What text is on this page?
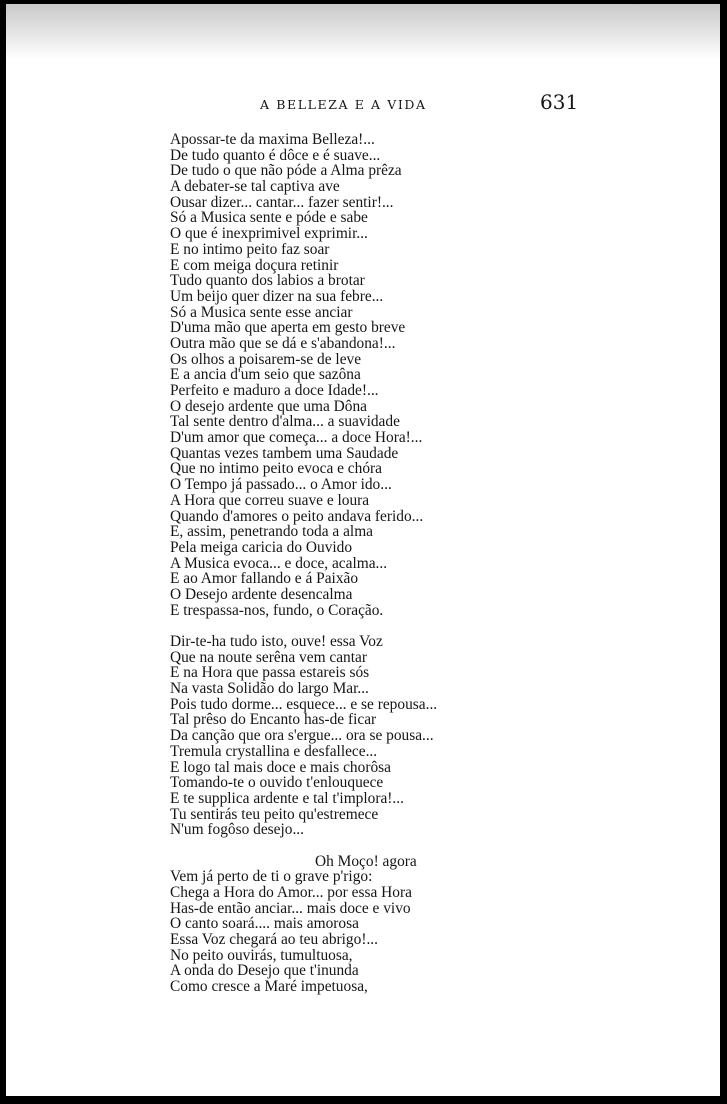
A BELLEZA E A VIDA	631
Apossar-te da maxima Belleza!...
De tudo quanto é dôce e é suave...
De tudo o que não póde a Alma prêza
A debater-se tal captiva ave
Ousar dizer... cantar... fazer sentir!...
Só a Musica sente e póde e sabe
O que é inexprimivel exprimir...
E no intimo peito faz soar
E com meiga doçura retinir
Tudo quanto dos labios a brotar
Um beijo quer dizer na sua febre...
Só a Musica sente esse anciar
D'uma mão que aperta em gesto breve
Outra mão que se dá e s'abandona!...
Os olhos a poisarem-se de leve
E a ancia d'um seio que sazôna
Perfeito e maduro a doce Idade!...
O desejo ardente que uma Dôna
Tal sente dentro d'alma... a suavidade
D'um amor que começa... a doce Hora!...
Quantas vezes tambem uma Saudade
Que no intimo peito evoca e chóra
O Tempo já passado... o Amor ido...
A Hora que correu suave e loura
Quando d'amores o peito andava ferido...
E, assim, penetrando toda a alma
Pela meiga caricia do Ouvido
A Musica evoca... e doce, acalma...
E ao Amor fallando e á Paixão
O Desejo ardente desencalma
E trespassa-nos, fundo, o Coração.
Dir-te-ha tudo isto, ouve! essa Voz
Que na noute serêna vem cantar
E na Hora que passa estareis sós
Na vasta Solidão do largo Mar...
Pois tudo dorme... esquece... e se repousa...
Tal prêso do Encanto has-de ficar
Da canção que ora s'ergue... ora se pousa...
Tremula crystallina e desfallece...
E logo tal mais doce e mais chorôsa
Tomando-te o ouvido t'enlouquece
E te supplica ardente e tal t'implora!...
Tu sentirás teu peito qu'estremece
N'um fogôso desejo...
Oh Moço! agora
Vem já perto de ti o grave p'rigo:
Chega a Hora do Amor... por essa Hora
Has-de então anciar... mais doce e vivo
O canto soará.... mais amorosa
Essa Voz chegará ao teu abrigo!...
No peito ouvirás, tumultuosa,
A onda do Desejo que t'inunda
Como cresce a Maré impetuosa,
